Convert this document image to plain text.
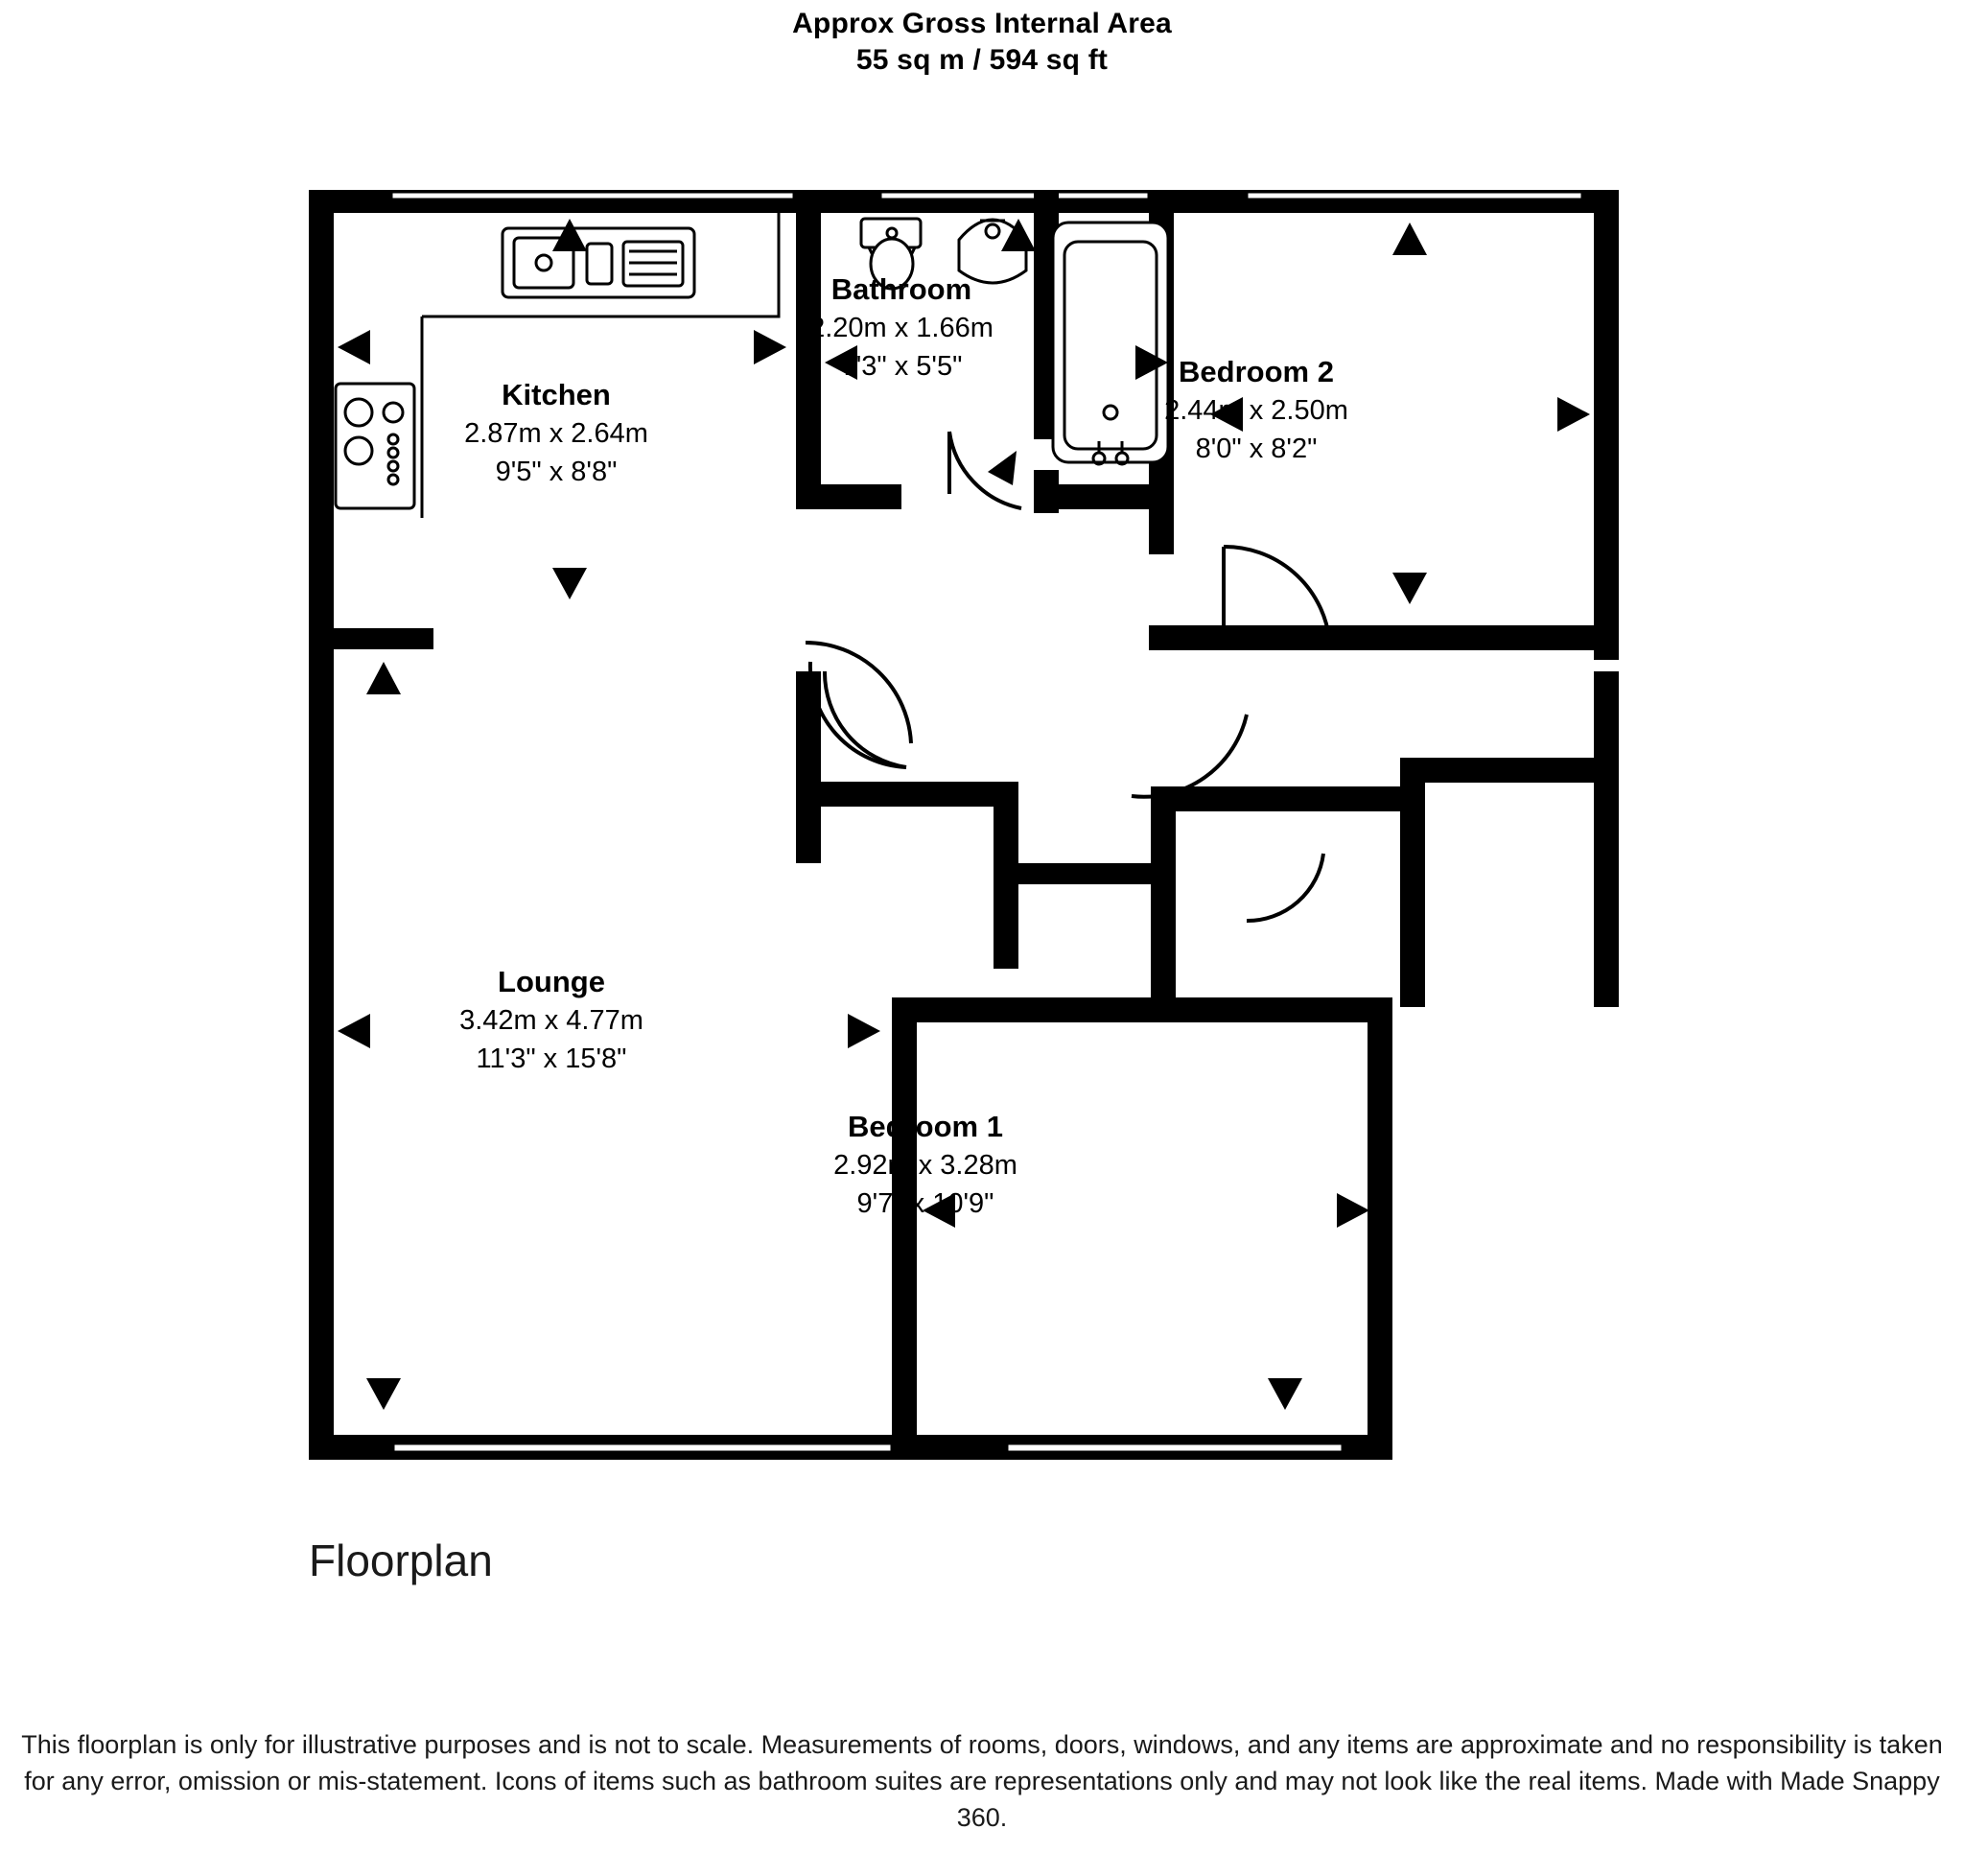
Approx Gross Internal Area
55 sq m / 594 sq ft
Kitchen
2.87m x 2.64m
9'5" x 8'8"
Bathroom
2.20m x 1.66m
7'3" x 5'5"	Bedroom 2
2.44m x 2.50m
8'0" x 8'2"
Lounge
3.42m x 4.77m
11'3" x 15'8"
Bedroom 1
2.92m x 3.28m
9'7" x 10'9"
Floorplan
This floorplan is only for illustrative purposes and is not to scale. Measurements of rooms, doors, windows, and any items are approximate and no responsibility is taken for any error, omission or mis-statement. Icons of items such as bathroom suites are representations only and may not look like the real items. Made with Made Snappy 360.
